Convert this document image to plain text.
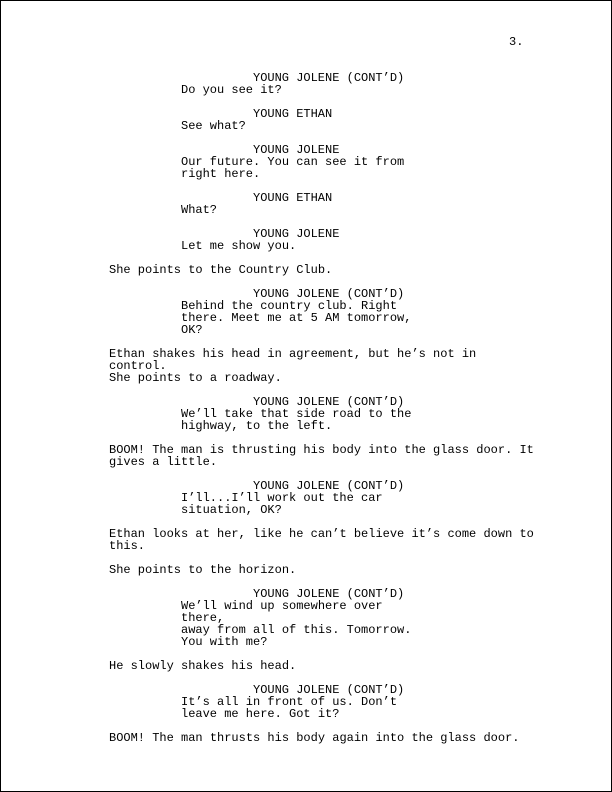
3.
YOUNG JOLENE (CONT’D)
Do you see it?
YOUNG ETHAN
See what?
YOUNG JOLENE
Our future. You can see it from
right here.
YOUNG ETHAN
What?
YOUNG JOLENE
Let me show you.
She points to the Country Club.
YOUNG JOLENE (CONT’D)
Behind the country club. Right
there. Meet me at 5 AM tomorrow,
OK?
Ethan shakes his head in agreement, but he’s not in control.
She points to a roadway.
YOUNG JOLENE (CONT’D)
We’ll take that side road to the
highway, to the left.
BOOM! The man is thrusting his body into the glass door. It
gives a little.
YOUNG JOLENE (CONT’D)
I’ll...I’ll work out the car
situation, OK?
Ethan looks at her, like he can’t believe it’s come down to
this.
She points to the horizon.
YOUNG JOLENE (CONT’D)
We’ll wind up somewhere over there,
away from all of this. Tomorrow.
You with me?
He slowly shakes his head.
YOUNG JOLENE (CONT’D)
It’s all in front of us. Don’t
leave me here. Got it?
BOOM! The man thrusts his body again into the glass door.
